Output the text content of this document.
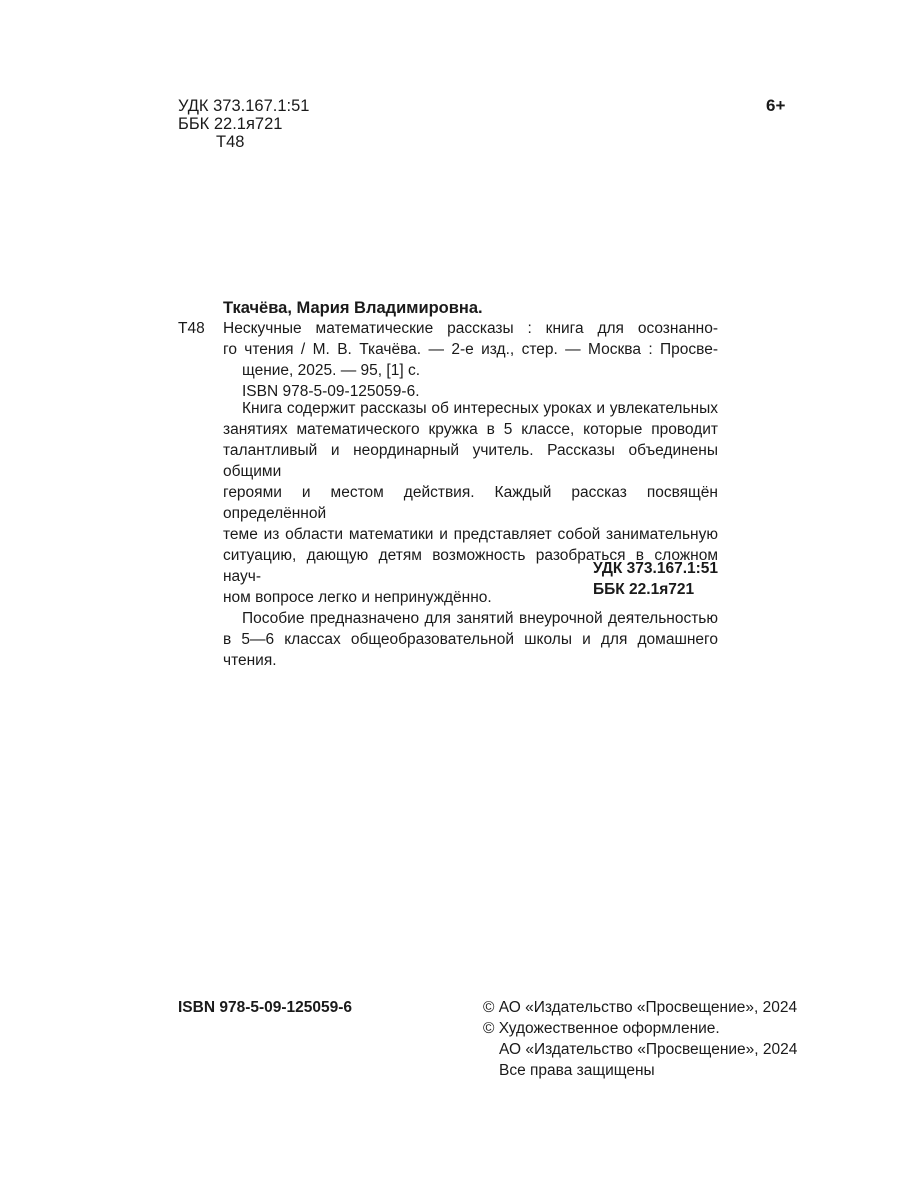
УДК 373.167.1:51
ББК 22.1я721
Т48
6+
Ткачёва, Мария Владимировна.
Т48 Нескучные математические рассказы : книга для осознанно-
го чтения / М. В. Ткачёва. — 2-е изд., стер. — Москва : Просве-
щение, 2025. — 95, [1] с.
ISBN 978-5-09-125059-6.
Книга содержит рассказы об интересных уроках и увлекательных
занятиях математического кружка в 5 классе, которые проводит
талантливый и неординарный учитель. Рассказы объединены общими
героями и местом действия. Каждый рассказ посвящён определённой
теме из области математики и представляет собой занимательную
ситуацию, дающую детям возможность разобраться в сложном науч-
ном вопросе легко и непринуждённо.
Пособие предназначено для занятий внеурочной деятельностью
в 5—6 классах общеобразовательной школы и для домашнего чтения.
УДК 373.167.1:51
ББК 22.1я721
ISBN 978-5-09-125059-6	© АО «Издательство «Просвещение», 2024
© Художественное оформление.
АО «Издательство «Просвещение», 2024
Все права защищены
